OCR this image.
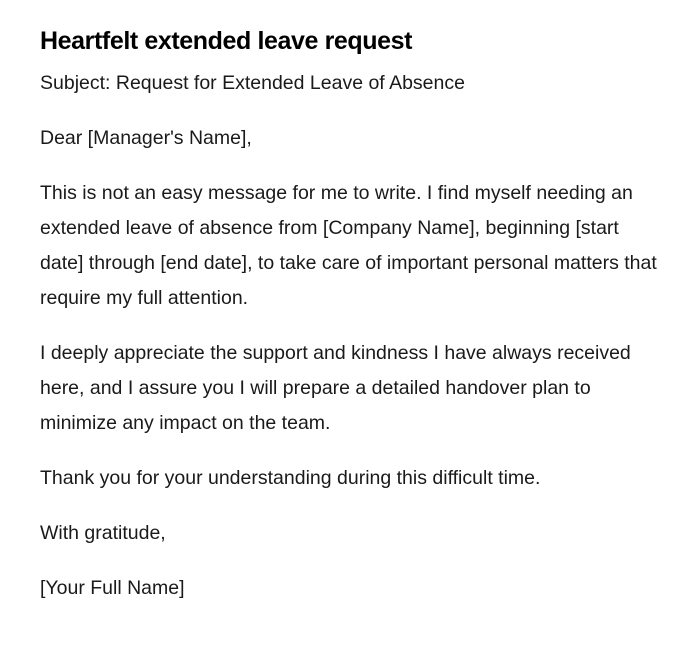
Heartfelt extended leave request

Subject: Request for Extended Leave of Absence

Dear [Manager's Name],

This is not an easy message for me to write. I find myself needing an extended leave of absence from [Company Name], beginning [start date] through [end date], to take care of important personal matters that require my full attention.

I deeply appreciate the support and kindness I have always received here, and I assure you I will prepare a detailed handover plan to minimize any impact on the team.

Thank you for your understanding during this difficult time.

With gratitude,

[Your Full Name]
